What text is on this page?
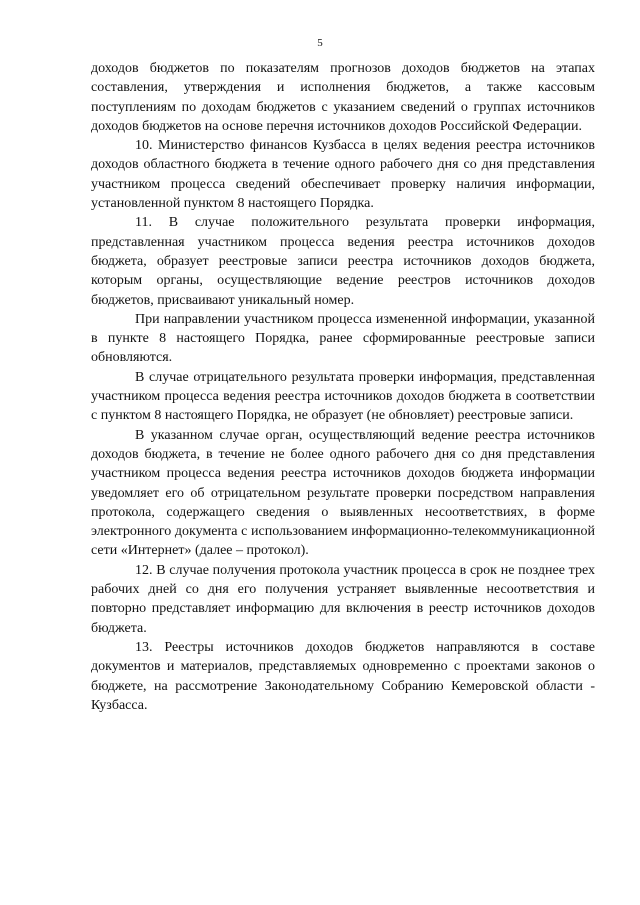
5

доходов бюджетов по показателям прогнозов доходов бюджетов на этапах составления, утверждения и исполнения бюджетов, а также кассовым поступлениям по доходам бюджетов с указанием сведений о группах источников доходов бюджетов на основе перечня источников доходов Российской Федерации.

10. Министерство финансов Кузбасса в целях ведения реестра источников доходов областного бюджета в течение одного рабочего дня со дня представления участником процесса сведений обеспечивает проверку наличия информации, установленной пунктом 8 настоящего Порядка.

11. В случае положительного результата проверки информация, представленная участником процесса ведения реестра источников доходов бюджета, образует реестровые записи реестра источников доходов бюджета, которым органы, осуществляющие ведение реестров источников доходов бюджетов, присваивают уникальный номер.

При направлении участником процесса измененной информации, указанной в пункте 8 настоящего Порядка, ранее сформированные реестровые записи обновляются.

В случае отрицательного результата проверки информация, представленная участником процесса ведения реестра источников доходов бюджета в соответствии с пунктом 8 настоящего Порядка, не образует (не обновляет) реестровые записи.

В указанном случае орган, осуществляющий ведение реестра источников доходов бюджета, в течение не более одного рабочего дня со дня представления участником процесса ведения реестра источников доходов бюджета информации уведомляет его об отрицательном результате проверки посредством направления протокола, содержащего сведения о выявленных несоответствиях, в форме электронного документа с использованием информационно-телекоммуникационной сети «Интернет» (далее – протокол).

12. В случае получения протокола участник процесса в срок не позднее трех рабочих дней со дня его получения устраняет выявленные несоответствия и повторно представляет информацию для включения в реестр источников доходов бюджета.

13. Реестры источников доходов бюджетов направляются в составе документов и материалов, представляемых одновременно с проектами законов о бюджете, на рассмотрение Законодательному Собранию Кемеровской области - Кузбасса.
